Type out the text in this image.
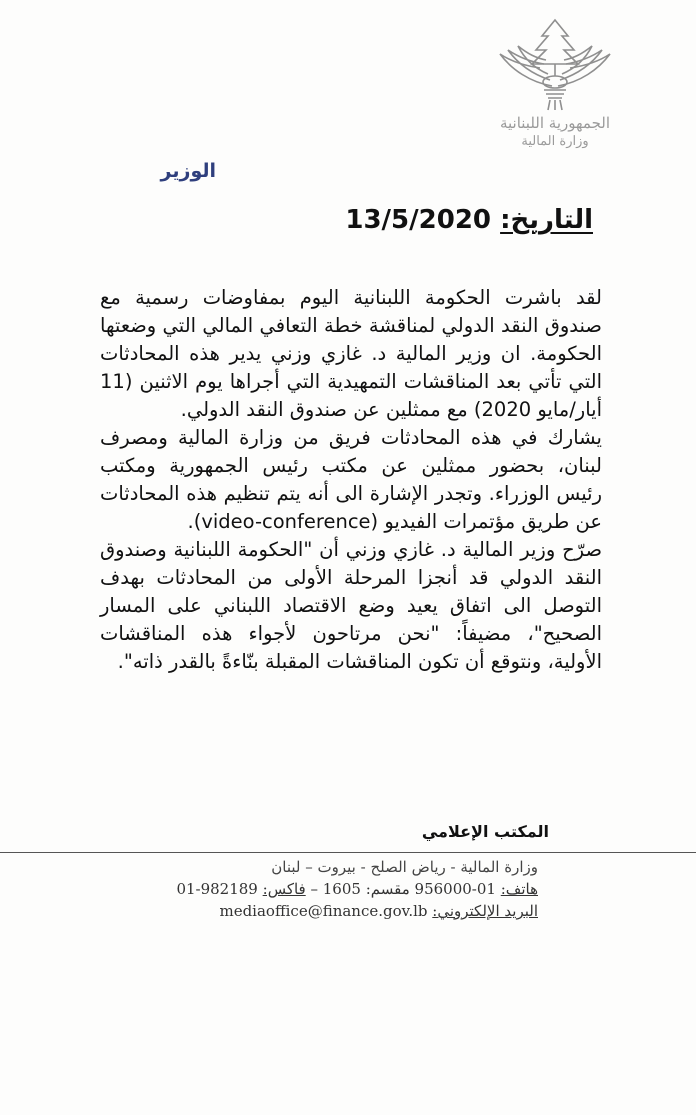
الجمهورية اللبنانية
وزارة المالية
الوزير
التاريخ: 13/5/2020

لقد باشرت الحكومة اللبنانية اليوم بمفاوضات رسمية مع صندوق النقد الدولي لمناقشة خطة التعافي المالي التي وضعتها الحكومة. ان وزير المالية د. غازي وزني يدير هذه المحادثات التي تأتي بعد المناقشات التمهيدية التي أجراها يوم الاثنين (11 أيار/مايو 2020) مع ممثلين عن صندوق النقد الدولي.

يشارك في هذه المحادثات فريق من وزارة المالية ومصرف لبنان، بحضور ممثلين عن مكتب رئيس الجمهورية ومكتب رئيس الوزراء. وتجدر الإشارة الى أنه يتم تنظيم هذه المحادثات عن طريق مؤتمرات الفيديو (video-conference).

صرّح وزير المالية د. غازي وزني أن "الحكومة اللبنانية وصندوق النقد الدولي قد أنجزا المرحلة الأولى من المحادثات بهدف التوصل الى اتفاق يعيد وضع الاقتصاد اللبناني على المسار الصحيح"، مضيفاً: "نحن مرتاحون لأجواء هذه المناقشات الأولية، ونتوقع أن تكون المناقشات المقبلة بنّاءةً بالقدر ذاته".

المكتب الإعلامي
وزارة المالية - رياض الصلح - بيروت – لبنان
هاتف: 01-956000 مقسم: 1605 – فاكس: 01-982189
البريد الإلكتروني: mediaoffice@finance.gov.lb
